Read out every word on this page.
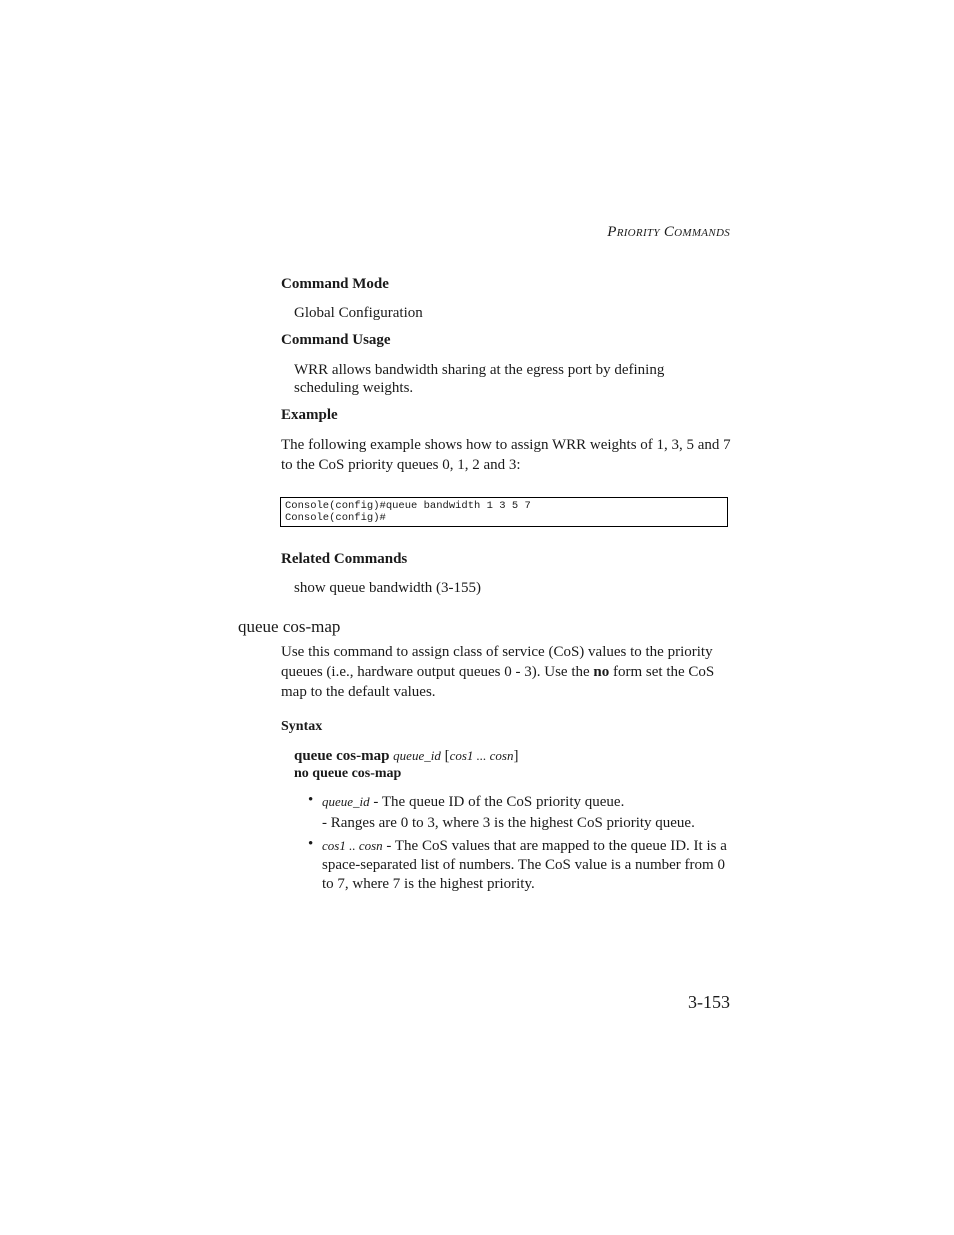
PRIORITY COMMANDS
Command Mode
Global Configuration
Command Usage
WRR allows bandwidth sharing at the egress port by defining
scheduling weights.
Example
The following example shows how to assign WRR weights of 1, 3, 5 and 7
to the CoS priority queues 0, 1, 2 and 3:
Console(config)#queue bandwidth 1 3 5 7
Console(config)#
Related Commands
show queue bandwidth (3-155)
queue cos-map
Use this command to assign class of service (CoS) values to the priority
queues (i.e., hardware output queues 0 - 3). Use the no form set the CoS
map to the default values.
Syntax
queue cos-map queue_id [cos1 ... cosn]
no queue cos-map
• queue_id - The queue ID of the CoS priority queue.
- Ranges are 0 to 3, where 3 is the highest CoS priority queue.
• cos1 .. cosn - The CoS values that are mapped to the queue ID. It is a
space-separated list of numbers. The CoS value is a number from 0
to 7, where 7 is the highest priority.
3-153
